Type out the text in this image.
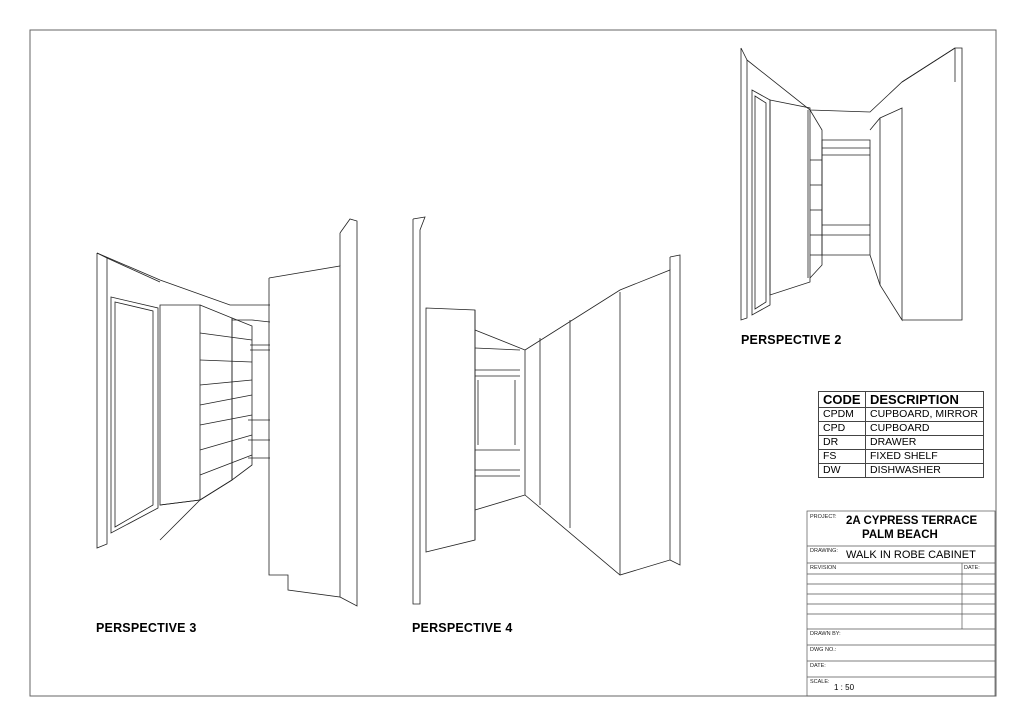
PERSPECTIVE 3	PERSPECTIVE 4
PERSPECTIVE 2
CODE	DESCRIPTION
CPDM	CUPBOARD, MIRROR
CPD	CUPBOARD
DR	DRAWER
FS	FIXED SHELF
DW	DISHWASHER
PROJECT: 2A CYPRESS TERRACE
PALM BEACH
DRAWING: WALK IN ROBE CABINET
REVISION	DATE:
DRAWN BY:
DWG NO.:
DATE:
SCALE:
1 : 50
